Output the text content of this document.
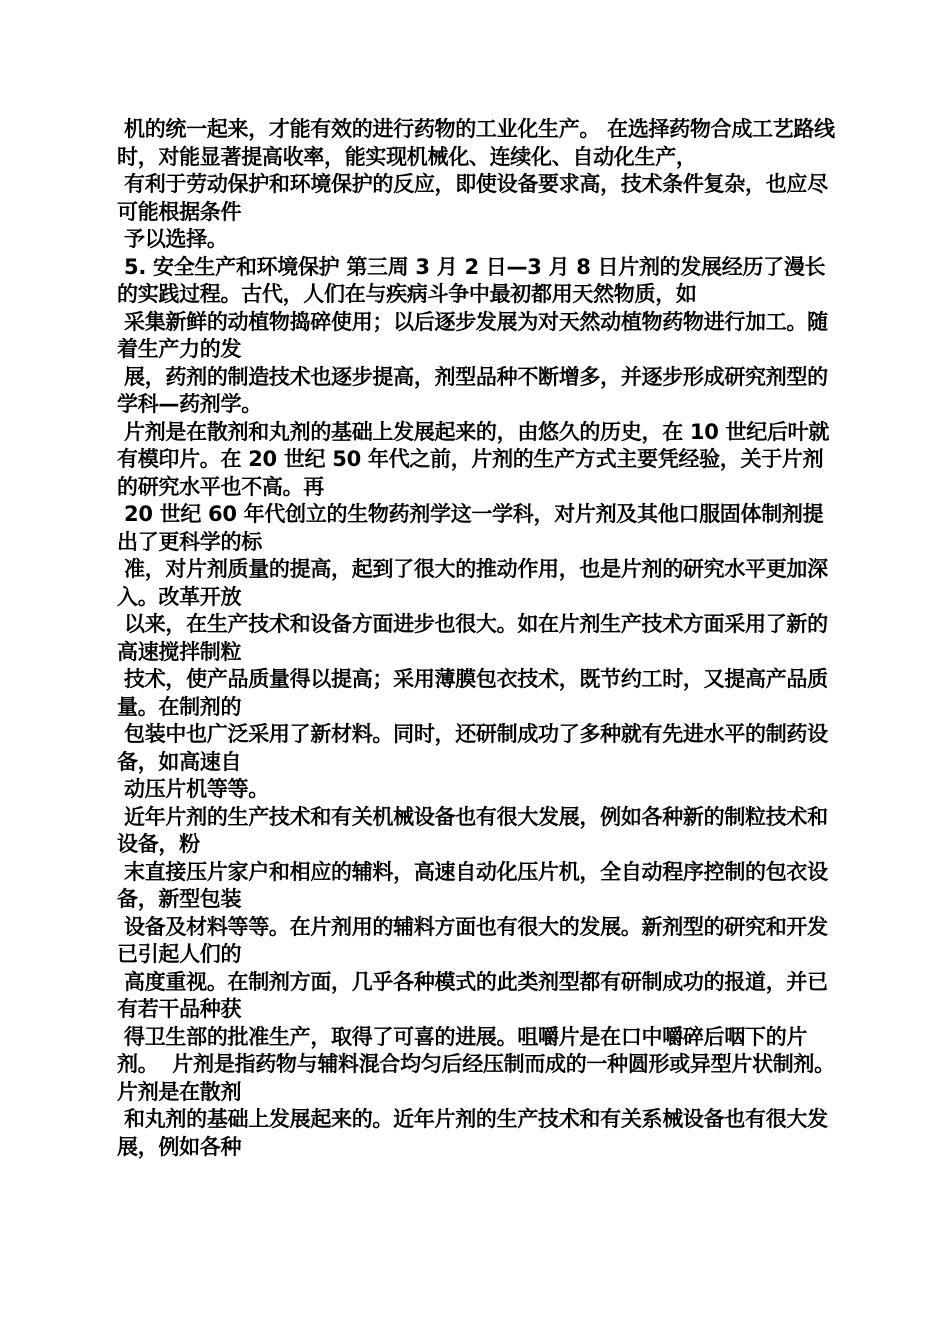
机的统一起来，才能有效的进行药物的工业化生产。 在选择药物合成工艺路线时，对能显著提高收率，能实现机械化、连续化、自动化生产，

有利于劳动保护和环境保护的反应，即使设备要求高，技术条件复杂，也应尽可能根据条件

予以选择。

5. 安全生产和环境保护 第三周 3 月 2 日—3 月 8 日片剂的发展经历了漫长的实践过程。古代，人们在与疾病斗争中最初都用天然物质，如

采集新鲜的动植物捣碎使用；以后逐步发展为对天然动植物药物进行加工。随着生产力的发

展，药剂的制造技术也逐步提高，剂型品种不断增多，并逐步形成研究剂型的学科—药剂学。

片剂是在散剂和丸剂的基础上发展起来的，由悠久的历史，在 10 世纪后叶就有模印片。在 20 世纪 50 年代之前，片剂的生产方式主要凭经验，关于片剂的研究水平也不高。再

20 世纪 60 年代创立的生物药剂学这一学科，对片剂及其他口服固体制剂提出了更科学的标

准，对片剂质量的提高，起到了很大的推动作用，也是片剂的研究水平更加深入。改革开放

以来，在生产技术和设备方面进步也很大。如在片剂生产技术方面采用了新的高速搅拌制粒

技术，使产品质量得以提高；采用薄膜包衣技术，既节约工时，又提高产品质量。在制剂的

包装中也广泛采用了新材料。同时，还研制成功了多种就有先进水平的制药设备，如高速自

动压片机等等。

近年片剂的生产技术和有关机械设备也有很大发展，例如各种新的制粒技术和设备，粉

末直接压片家户和相应的辅料，高速自动化压片机，全自动程序控制的包衣设备，新型包装

设备及材料等等。在片剂用的辅料方面也有很大的发展。新剂型的研究和开发已引起人们的

高度重视。在制剂方面，几乎各种模式的此类剂型都有研制成功的报道，并已有若干品种获

得卫生部的批准生产，取得了可喜的进展。咀嚼片是在口中嚼碎后咽下的片剂。  片剂是指药物与辅料混合均匀后经压制而成的一种圆形或异型片状制剂。片剂是在散剂

和丸剂的基础上发展起来的。近年片剂的生产技术和有关系械设备也有很大发展，例如各种
